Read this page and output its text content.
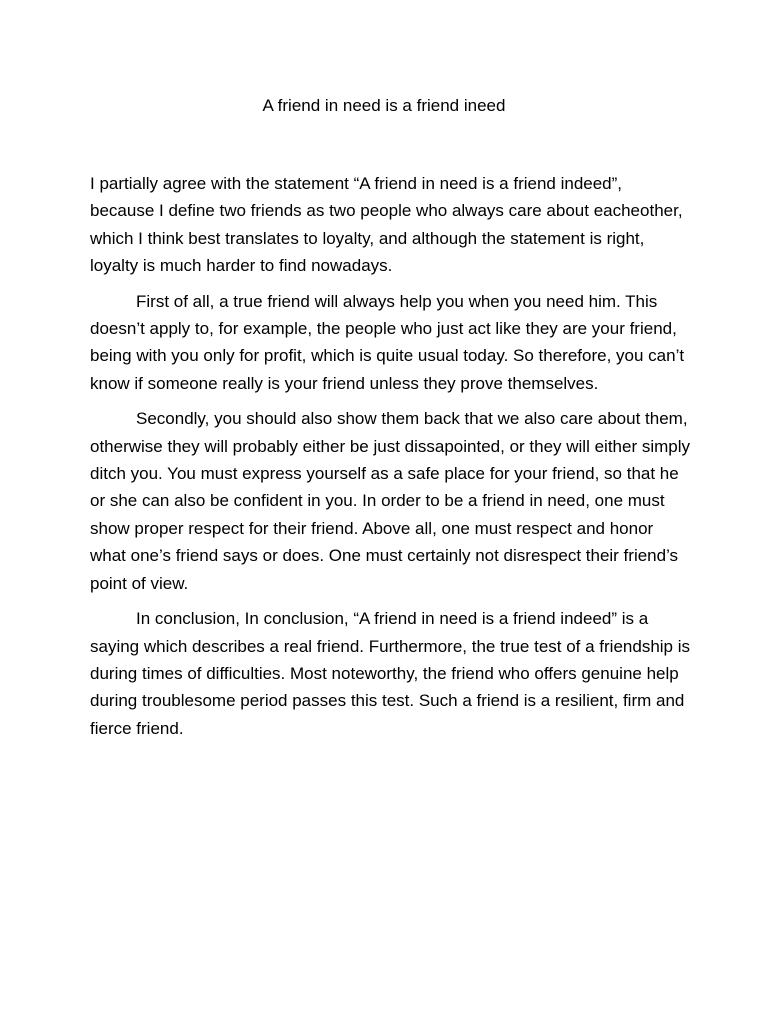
A friend in need is a friend ineed

I partially agree with the statement “A friend in need is a friend indeed”, because I define two friends as two people who always care about eacheother, which I think best translates to loyalty, and although the statement is right, loyalty is much harder to find nowadays.

First of all, a true friend will always help you when you need him. This doesn’t apply to, for example, the people who just act like they are your friend, being with you only for profit, which is quite usual today. So therefore, you can’t know if someone really is your friend unless they prove themselves.

Secondly, you should also show them back that we also care about them, otherwise they will probably either be just dissapointed, or they will either simply ditch you. You must express yourself as a safe place for your friend, so that he or she can also be confident in you. In order to be a friend in need, one must show proper respect for their friend. Above all, one must respect and honor what one’s friend says or does. One must certainly not disrespect their friend’s point of view.

In conclusion, In conclusion, “A friend in need is a friend indeed” is a saying which describes a real friend. Furthermore, the true test of a friendship is during times of difficulties. Most noteworthy, the friend who offers genuine help during troublesome period passes this test. Such a friend is a resilient, firm and fierce friend.
